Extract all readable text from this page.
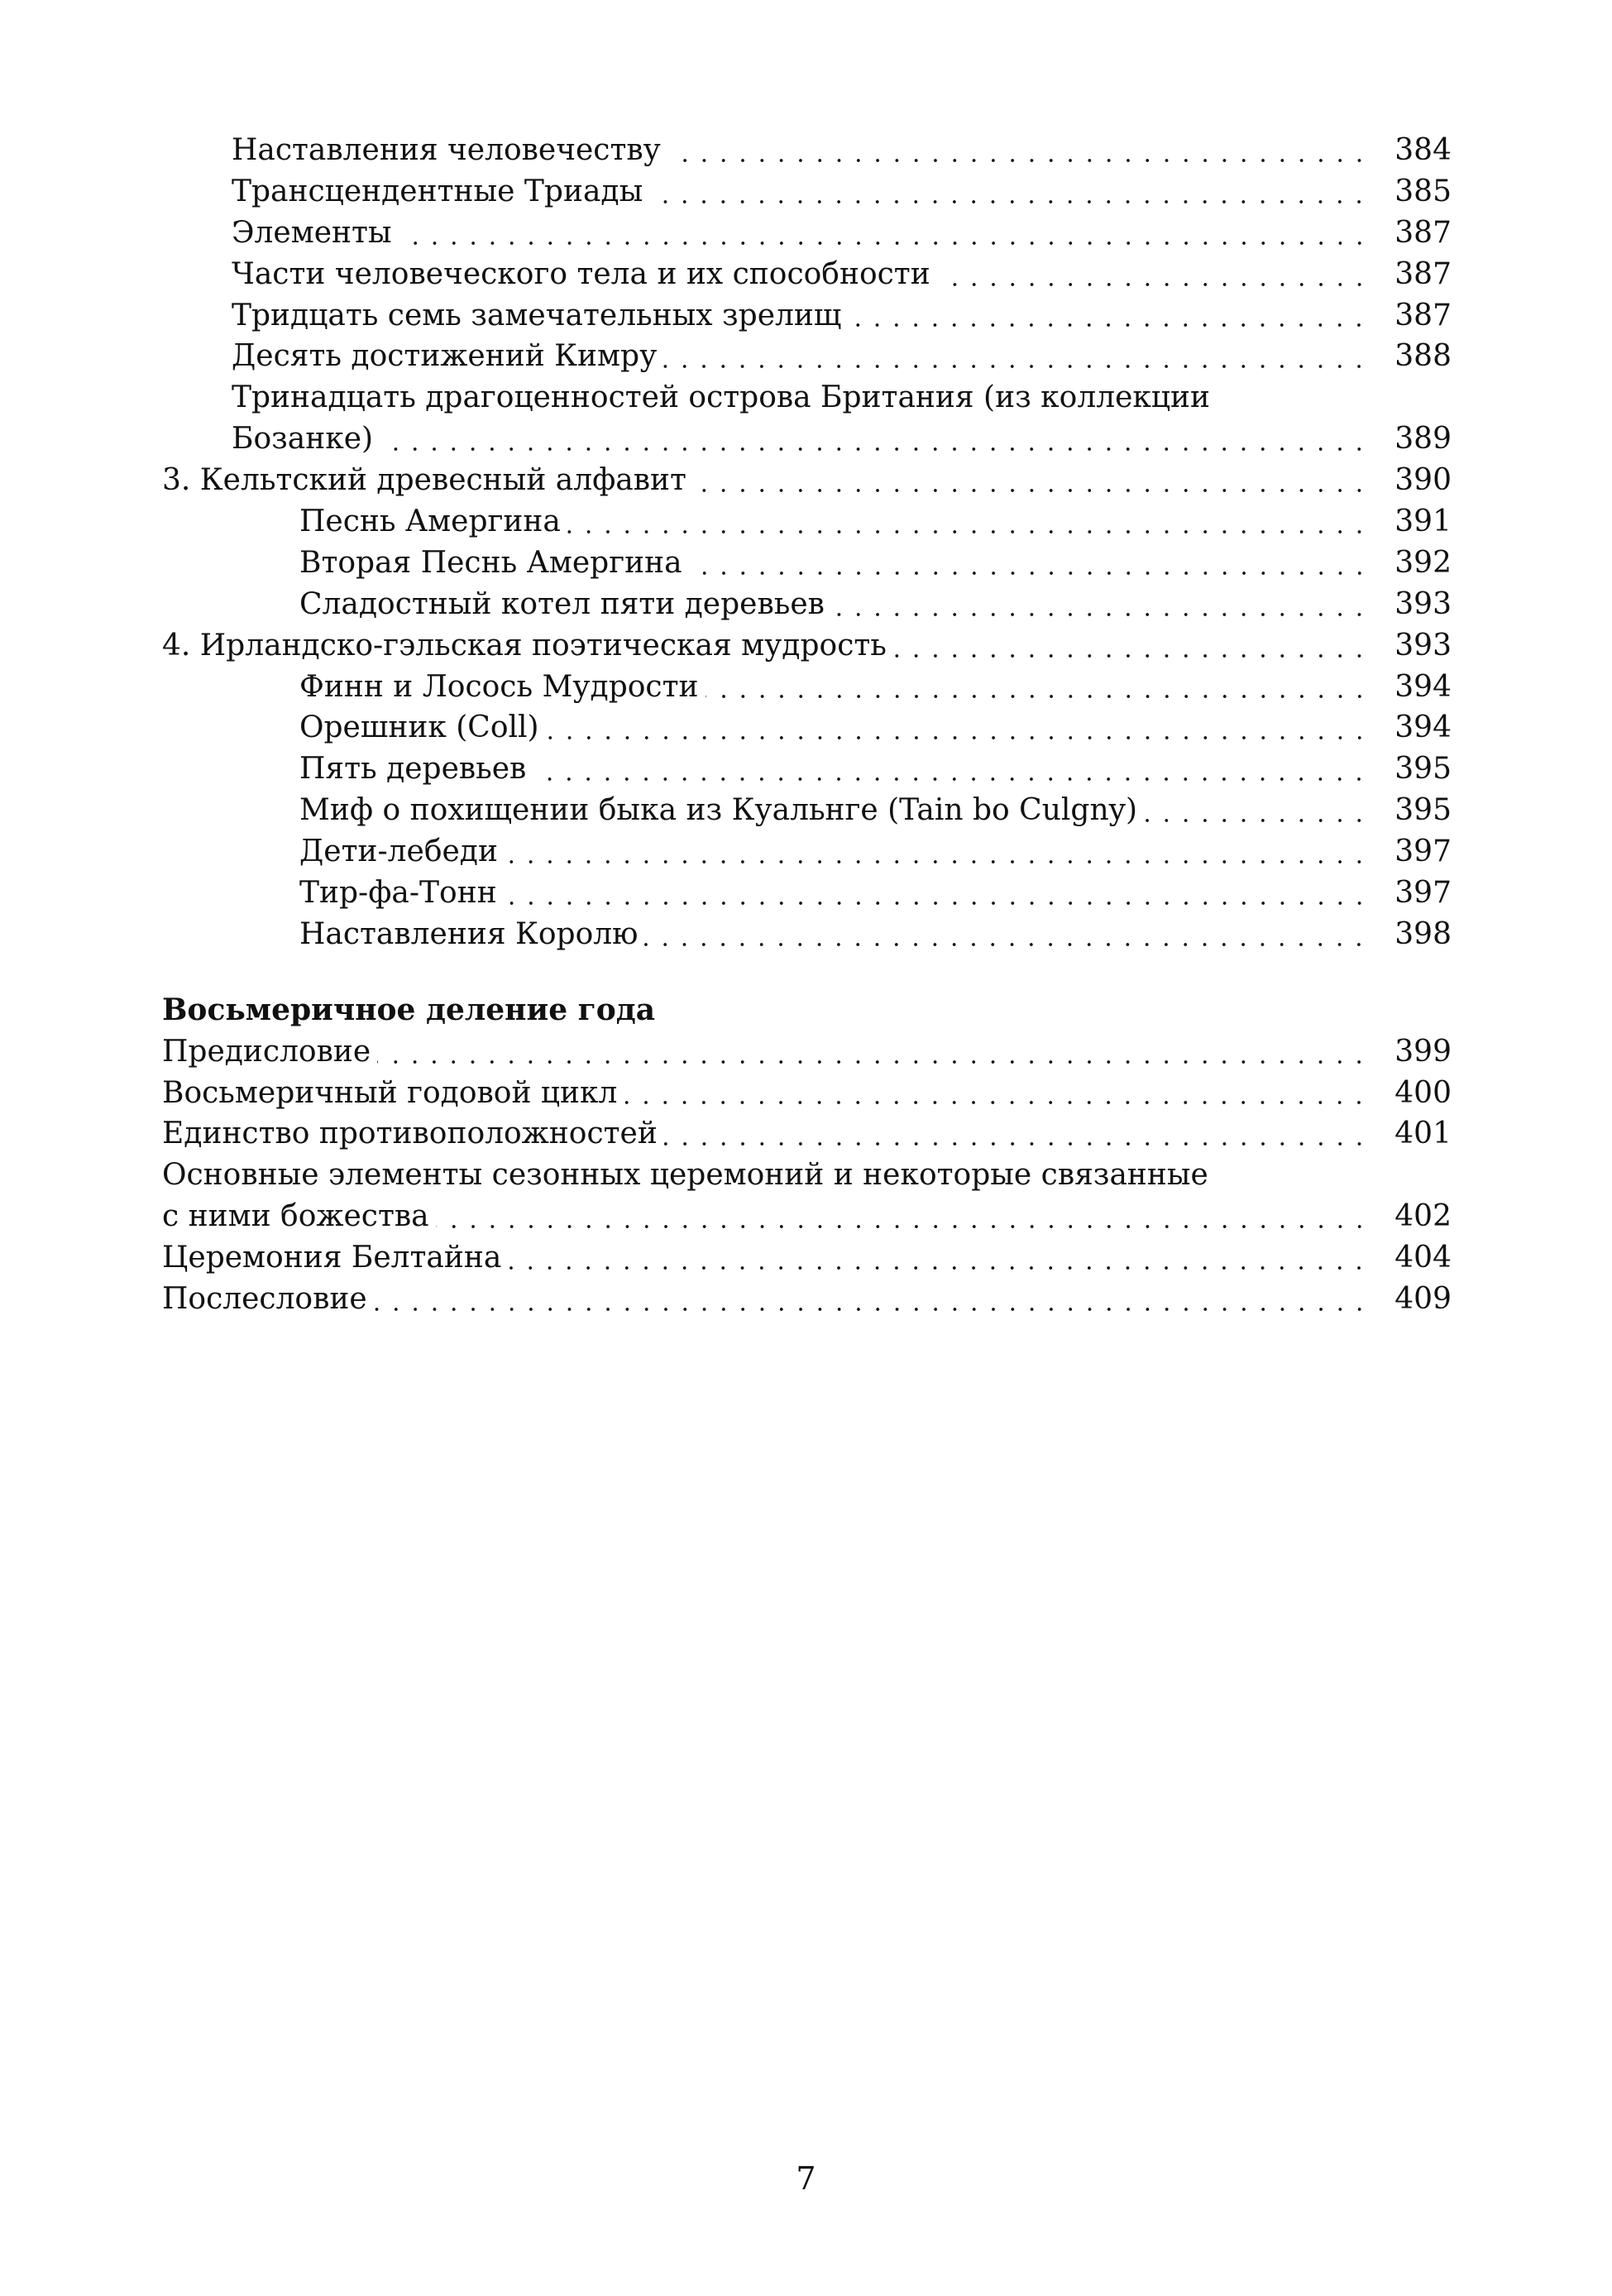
Наставления человечеству	384
Трансцендентные Триады	385
Элементы	387
Части человеческого тела и их способности	387
Тридцать семь замечательных зрелищ	387
Десять достижений Кимру	388
Тринадцать драгоценностей острова Британия (из коллекции
Бозанке)	389
3. Кельтский древесный алфавит	390
Песнь Амергина	391
Вторая Песнь Амергина	392
Сладостный котел пяти деревьев	393
4. Ирландско-гэльская поэтическая мудрость	393
Финн и Лосось Мудрости	394
Орешник (Coll)	394
Пять деревьев	395
Миф о похищении быка из Куальнге (Tain bo Culgny)	395
Дети-лебеди	397
Тир-фа-Тонн	397
Наставления Королю	398
Восьмеричное деление года
Предисловие	399
Восьмеричный годовой цикл	400
Единство противоположностей	401
Основные элементы сезонных церемоний и некоторые связанные
с ними божества	402
Церемония Белтайна	404
Послесловие	409
7
